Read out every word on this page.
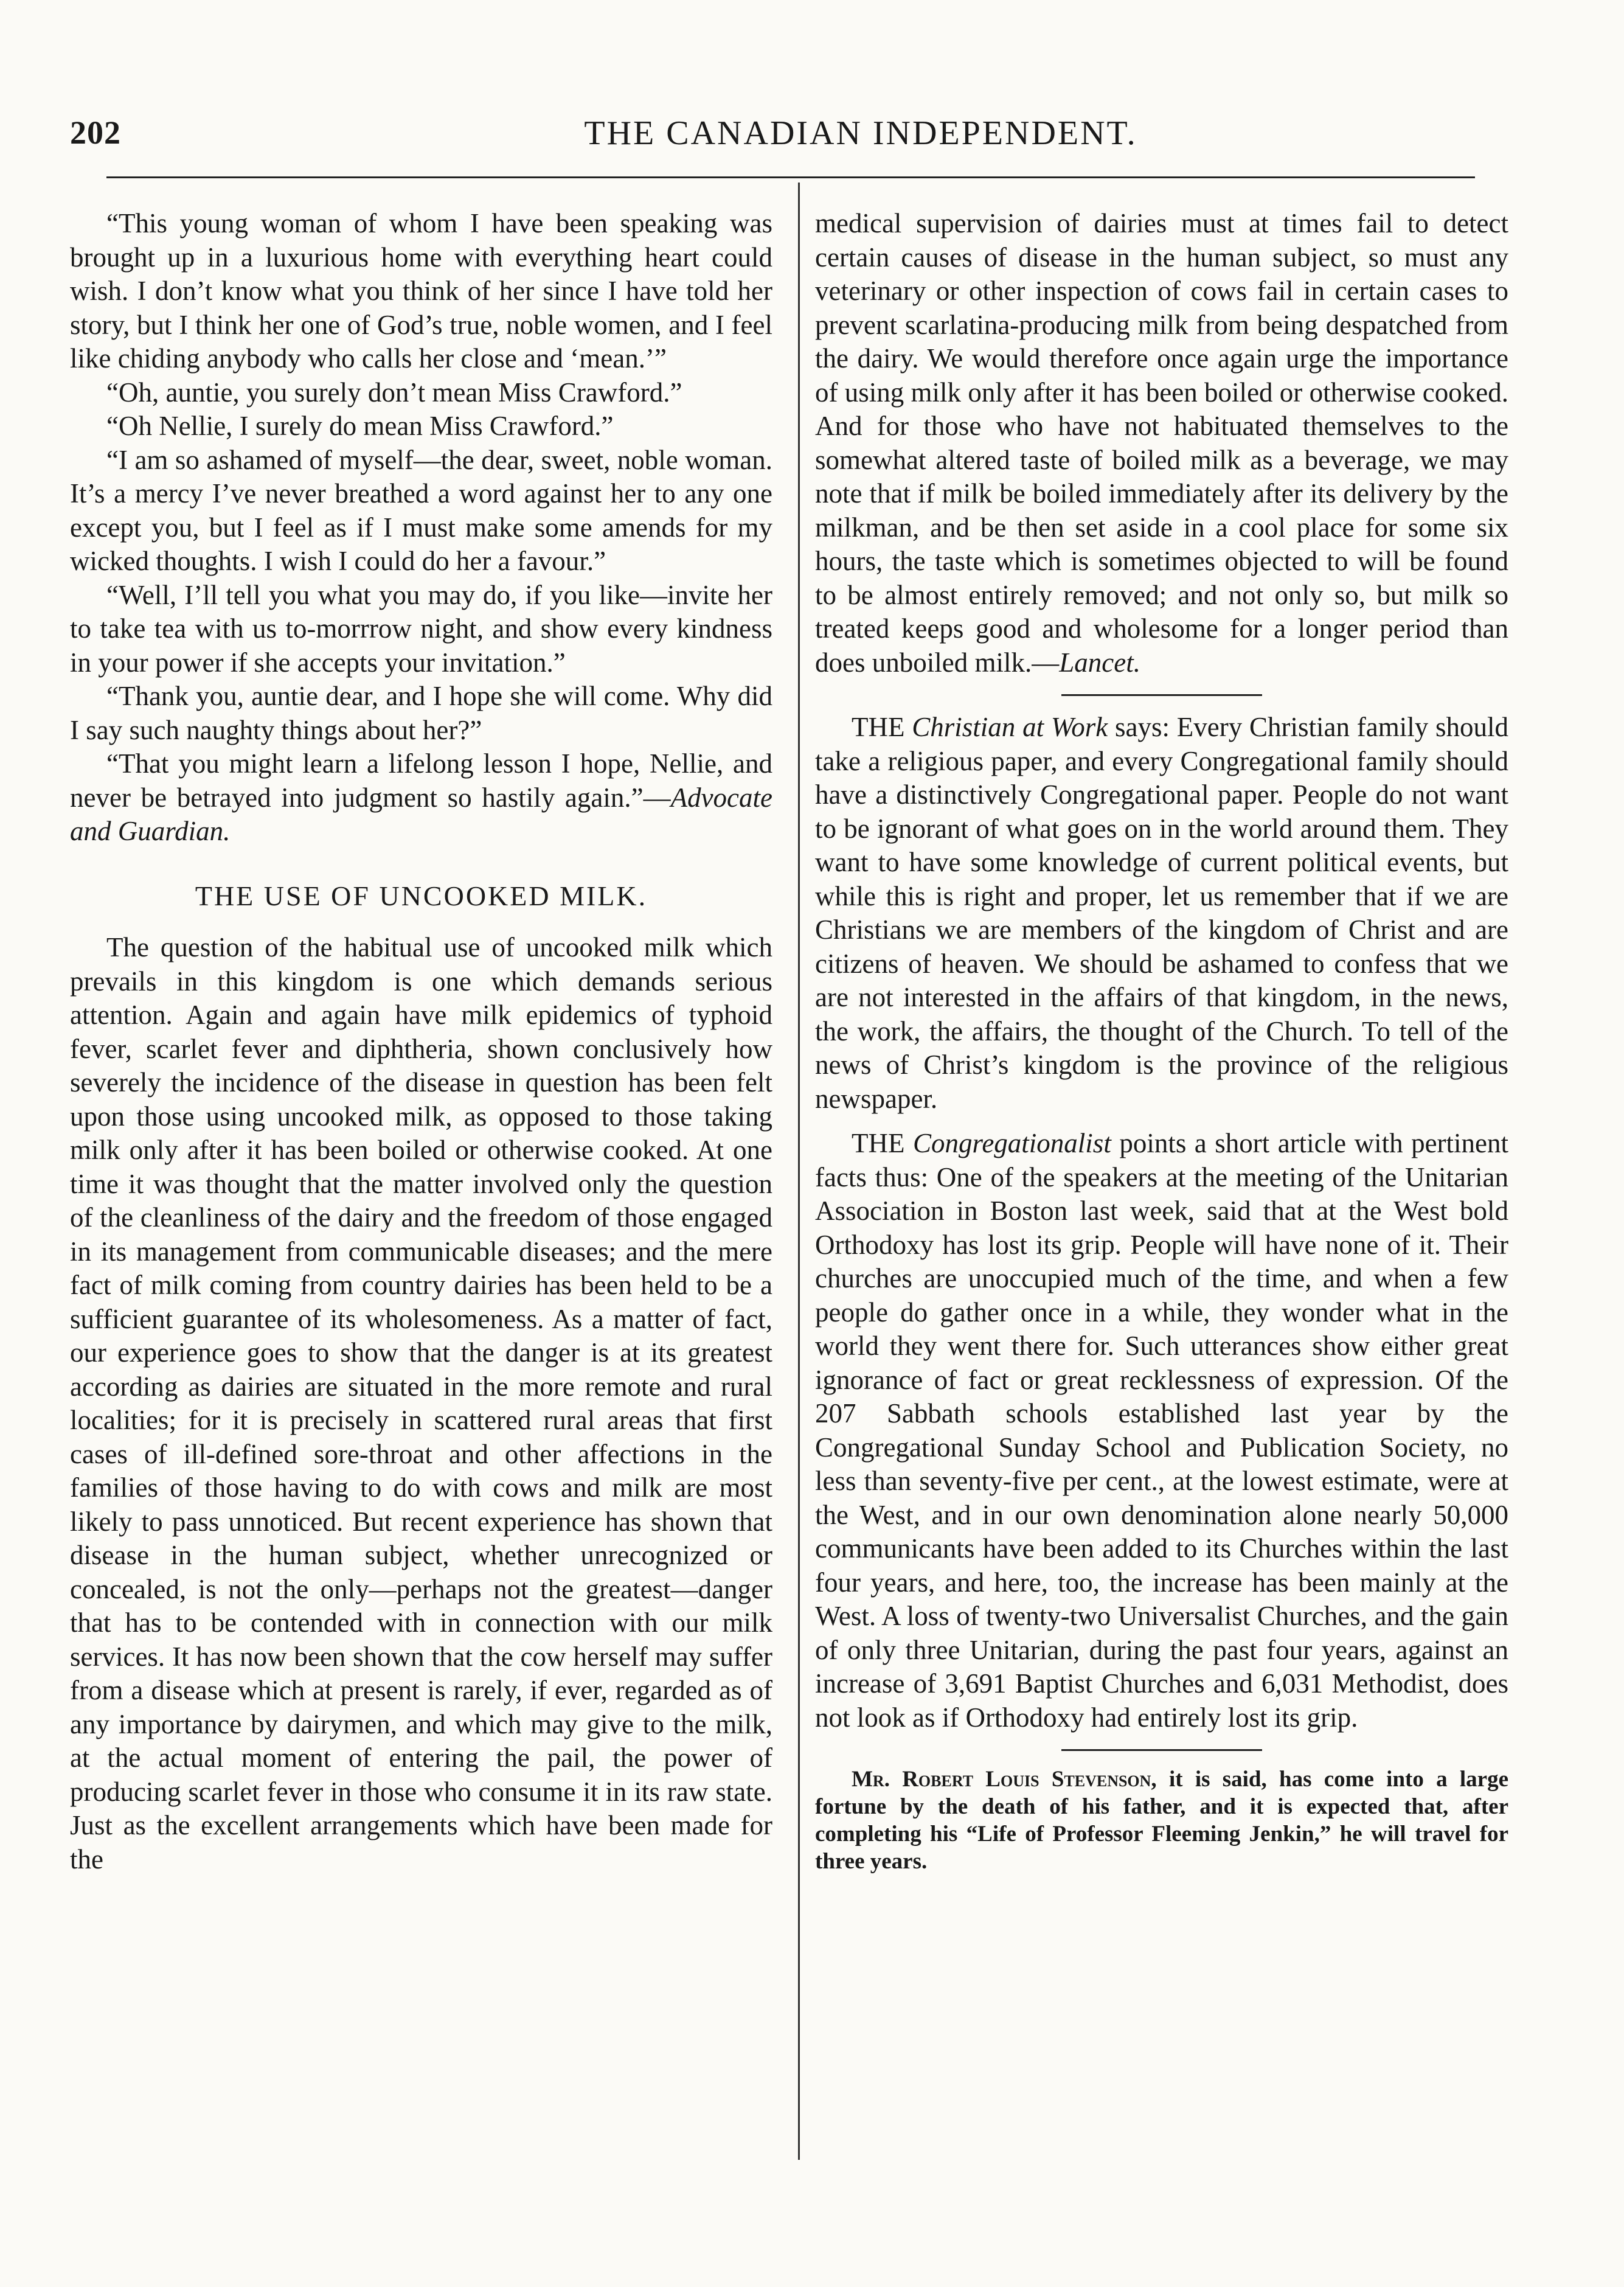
202	THE CANADIAN INDEPENDENT.

“This young woman of whom I have been speaking was brought up in a luxurious home with everything heart could wish. I don’t know what you think of her since I have told her story, but I think her one of God’s true, noble women, and I feel like chiding anybody who calls her close and ‘mean.’”

“Oh, auntie, you surely don’t mean Miss Crawford.”

“Oh Nellie, I surely do mean Miss Crawford.”

“I am so ashamed of myself—the dear, sweet, noble woman. It’s a mercy I’ve never breathed a word against her to any one except you, but I feel as if I must make some amends for my wicked thoughts. I wish I could do her a favour.”

“Well, I’ll tell you what you may do, if you like—invite her to take tea with us to-morrrow night, and show every kindness in your power if she accepts your invitation.”

“Thank you, auntie dear, and I hope she will come. Why did I say such naughty things about her?”

“That you might learn a lifelong lesson I hope, Nellie, and never be betrayed into judgment so hastily again.”—Advocate and Guardian.

THE USE OF UNCOOKED MILK.

The question of the habitual use of uncooked milk which prevails in this kingdom is one which demands serious attention. Again and again have milk epidemics of typhoid fever, scarlet fever and diphtheria, shown conclusively how severely the incidence of the disease in question has been felt upon those using uncooked milk, as opposed to those taking milk only after it has been boiled or otherwise cooked. At one time it was thought that the matter involved only the question of the cleanliness of the dairy and the freedom of those engaged in its management from communicable diseases; and the mere fact of milk coming from country dairies has been held to be a sufficient guarantee of its wholesomeness. As a matter of fact, our experience goes to show that the danger is at its greatest according as dairies are situated in the more remote and rural localities; for it is precisely in scattered rural areas that first cases of ill-defined sore-throat and other affections in the families of those having to do with cows and milk are most likely to pass unnoticed. But recent experience has shown that disease in the human subject, whether unrecognized or concealed, is not the only—perhaps not the greatest—danger that has to be contended with in connection with our milk services. It has now been shown that the cow herself may suffer from a disease which at present is rarely, if ever, regarded as of any importance by dairymen, and which may give to the milk, at the actual moment of entering the pail, the power of producing scarlet fever in those who consume it in its raw state. Just as the excellent arrangements which have been made for the

medical supervision of dairies must at times fail to detect certain causes of disease in the human subject, so must any veterinary or other inspection of cows fail in certain cases to prevent scarlatina-producing milk from being despatched from the dairy. We would therefore once again urge the importance of using milk only after it has been boiled or otherwise cooked. And for those who have not habituated themselves to the somewhat altered taste of boiled milk as a beverage, we may note that if milk be boiled immediately after its delivery by the milkman, and be then set aside in a cool place for some six hours, the taste which is sometimes objected to will be found to be almost entirely removed; and not only so, but milk so treated keeps good and wholesome for a longer period than does unboiled milk.—Lancet.

THE Christian at Work says: Every Christian family should take a religious paper, and every Congregational family should have a distinctively Congregational paper. People do not want to be ignorant of what goes on in the world around them. They want to have some knowledge of current political events, but while this is right and proper, let us remember that if we are Christians we are members of the kingdom of Christ and are citizens of heaven. We should be ashamed to confess that we are not interested in the affairs of that kingdom, in the news, the work, the affairs, the thought of the Church. To tell of the news of Christ’s kingdom is the province of the religious newspaper.

THE Congregationalist points a short article with pertinent facts thus: One of the speakers at the meeting of the Unitarian Association in Boston last week, said that at the West bold Orthodoxy has lost its grip. People will have none of it. Their churches are unoccupied much of the time, and when a few people do gather once in a while, they wonder what in the world they went there for. Such utterances show either great ignorance of fact or great recklessness of expression. Of the 207 Sabbath schools established last year by the Congregational Sunday School and Publication Society, no less than seventy-five per cent., at the lowest estimate, were at the West, and in our own denomination alone nearly 50,000 communicants have been added to its Churches within the last four years, and here, too, the increase has been mainly at the West. A loss of twenty-two Universalist Churches, and the gain of only three Unitarian, during the past four years, against an increase of 3,691 Baptist Churches and 6,031 Methodist, does not look as if Orthodoxy had entirely lost its grip.

Mr. Robert Louis Stevenson, it is said, has come into a large fortune by the death of his father, and it is expected that, after completing his “Life of Professor Fleeming Jenkin,” he will travel for three years.
